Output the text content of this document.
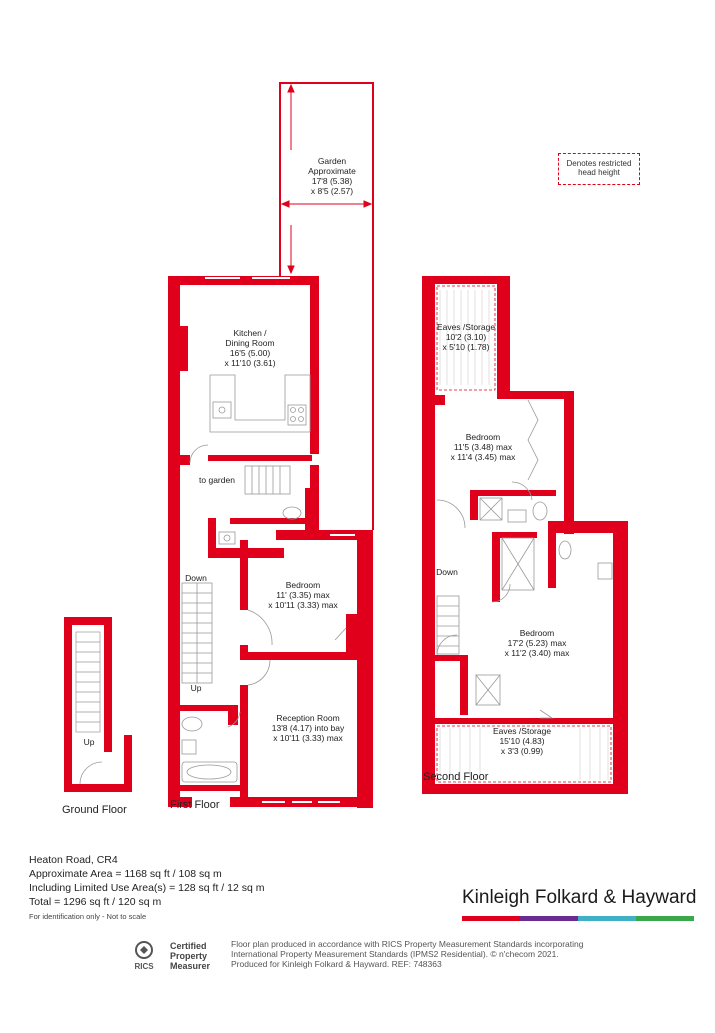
Denotes restricted
head height
Garden
Approximate
17'8 (5.38)
x 8'5 (2.57)
Kitchen /
Dining Room
16'5 (5.00)
x 11'10 (3.61)
to garden
Bedroom
11' (3.35) max
x 10'11 (3.33) max
Reception Room
13'8 (4.17) into bay
x 10'11 (3.33) max
Down
Up
Up
Eaves /Storage
10'2 (3.10)
x 5'10 (1.78)
Bedroom
11'5 (3.48) max
x 11'4 (3.45) max
Down
Bedroom
17'2 (5.23) max
x 11'2 (3.40) max
Eaves /Storage
15'10 (4.83)
x 3'3 (0.99)
Ground Floor	First Floor
Second Floor
Heaton Road, CR4
Approximate Area = 1168 sq ft / 108 sq m
Including Limited Use Area(s) = 128 sq ft / 12 sq m
Total = 1296 sq ft / 120 sq m
For identification only - Not to scale
Kinleigh Folkard & Hayward
RICS
Certified
Property
Measurer
Floor plan produced in accordance with RICS Property Measurement Standards incorporating
International Property Measurement Standards (IPMS2 Residential). © n'checom 2021.
Produced for Kinleigh Folkard & Hayward. REF: 748363
